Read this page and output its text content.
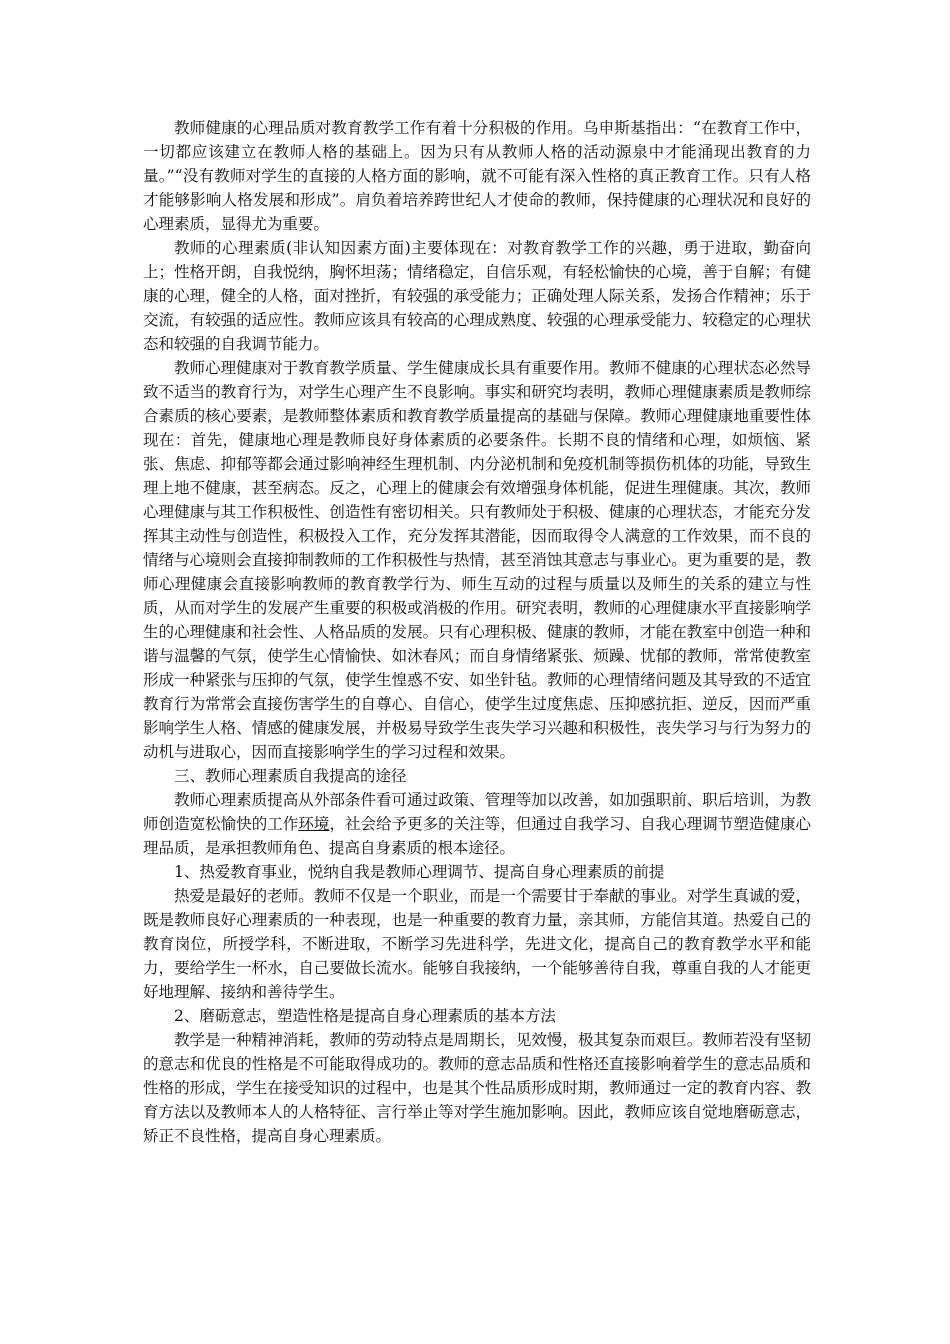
教师健康的心理品质对教育教学工作有着十分积极的作用。乌申斯基指出：“在教育工作中，一切都应该建立在教师人格的基础上。因为只有从教师人格的活动源泉中才能涌现出教育的力量。”“没有教师对学生的直接的人格方面的影响，就不可能有深入性格的真正教育工作。只有人格才能够影响人格发展和形成”。肩负着培养跨世纪人才使命的教师，保持健康的心理状况和良好的心理素质，显得尤为重要。

教师的心理素质(非认知因素方面)主要体现在：对教育教学工作的兴趣，勇于进取，勤奋向上；性格开朗，自我悦纳，胸怀坦荡；情绪稳定，自信乐观，有轻松愉快的心境，善于自解；有健康的心理，健全的人格，面对挫折，有较强的承受能力；正确处理人际关系，发扬合作精神；乐于交流，有较强的适应性。教师应该具有较高的心理成熟度、较强的心理承受能力、较稳定的心理状态和较强的自我调节能力。

教师心理健康对于教育教学质量、学生健康成长具有重要作用。教师不健康的心理状态必然导致不适当的教育行为，对学生心理产生不良影响。事实和研究均表明，教师心理健康素质是教师综合素质的核心要素，是教师整体素质和教育教学质量提高的基础与保障。教师心理健康地重要性体现在：首先，健康地心理是教师良好身体素质的必要条件。长期不良的情绪和心理，如烦恼、紧张、焦虑、抑郁等都会通过影响神经生理机制、内分泌机制和免疫机制等损伤机体的功能，导致生理上地不健康，甚至病态。反之，心理上的健康会有效增强身体机能，促进生理健康。其次，教师心理健康与其工作积极性、创造性有密切相关。只有教师处于积极、健康的心理状态，才能充分发挥其主动性与创造性，积极投入工作，充分发挥其潜能，因而取得令人满意的工作效果，而不良的情绪与心境则会直接抑制教师的工作积极性与热情，甚至消蚀其意志与事业心。更为重要的是，教师心理健康会直接影响教师的教育教学行为、师生互动的过程与质量以及师生的关系的建立与性质，从而对学生的发展产生重要的积极或消极的作用。研究表明，教师的心理健康水平直接影响学生的心理健康和社会性、人格品质的发展。只有心理积极、健康的教师，才能在教室中创造一种和谐与温馨的气氛，使学生心情愉快、如沐春风；而自身情绪紧张、烦躁、忧郁的教师，常常使教室形成一种紧张与压抑的气氛，使学生惶惑不安、如坐针毡。教师的心理情绪问题及其导致的不适宜教育行为常常会直接伤害学生的自尊心、自信心，使学生过度焦虑、压抑感抗拒、逆反，因而严重影响学生人格、情感的健康发展，并极易导致学生丧失学习兴趣和积极性，丧失学习与行为努力的动机与进取心，因而直接影响学生的学习过程和效果。

三、教师心理素质自我提高的途径

教师心理素质提高从外部条件看可通过政策、管理等加以改善，如加强职前、职后培训，为教师创造宽松愉快的工作环境，社会给予更多的关注等，但通过自我学习、自我心理调节塑造健康心理品质，是承担教师角色、提高自身素质的根本途径。

1、热爱教育事业，悦纳自我是教师心理调节、提高自身心理素质的前提

热爱是最好的老师。教师不仅是一个职业，而是一个需要甘于奉献的事业。对学生真诚的爱，既是教师良好心理素质的一种表现，也是一种重要的教育力量，亲其师，方能信其道。热爱自己的教育岗位，所授学科，不断进取，不断学习先进科学，先进文化，提高自己的教育教学水平和能力，要给学生一杯水，自己要做长流水。能够自我接纳，一个能够善待自我，尊重自我的人才能更好地理解、接纳和善待学生。

2、磨砺意志，塑造性格是提高自身心理素质的基本方法

教学是一种精神消耗，教师的劳动特点是周期长，见效慢，极其复杂而艰巨。教师若没有坚韧的意志和优良的性格是不可能取得成功的。教师的意志品质和性格还直接影响着学生的意志品质和性格的形成，学生在接受知识的过程中，也是其个性品质形成时期，教师通过一定的教育内容、教育方法以及教师本人的人格特征、言行举止等对学生施加影响。因此，教师应该自觉地磨砺意志，矫正不良性格，提高自身心理素质。
